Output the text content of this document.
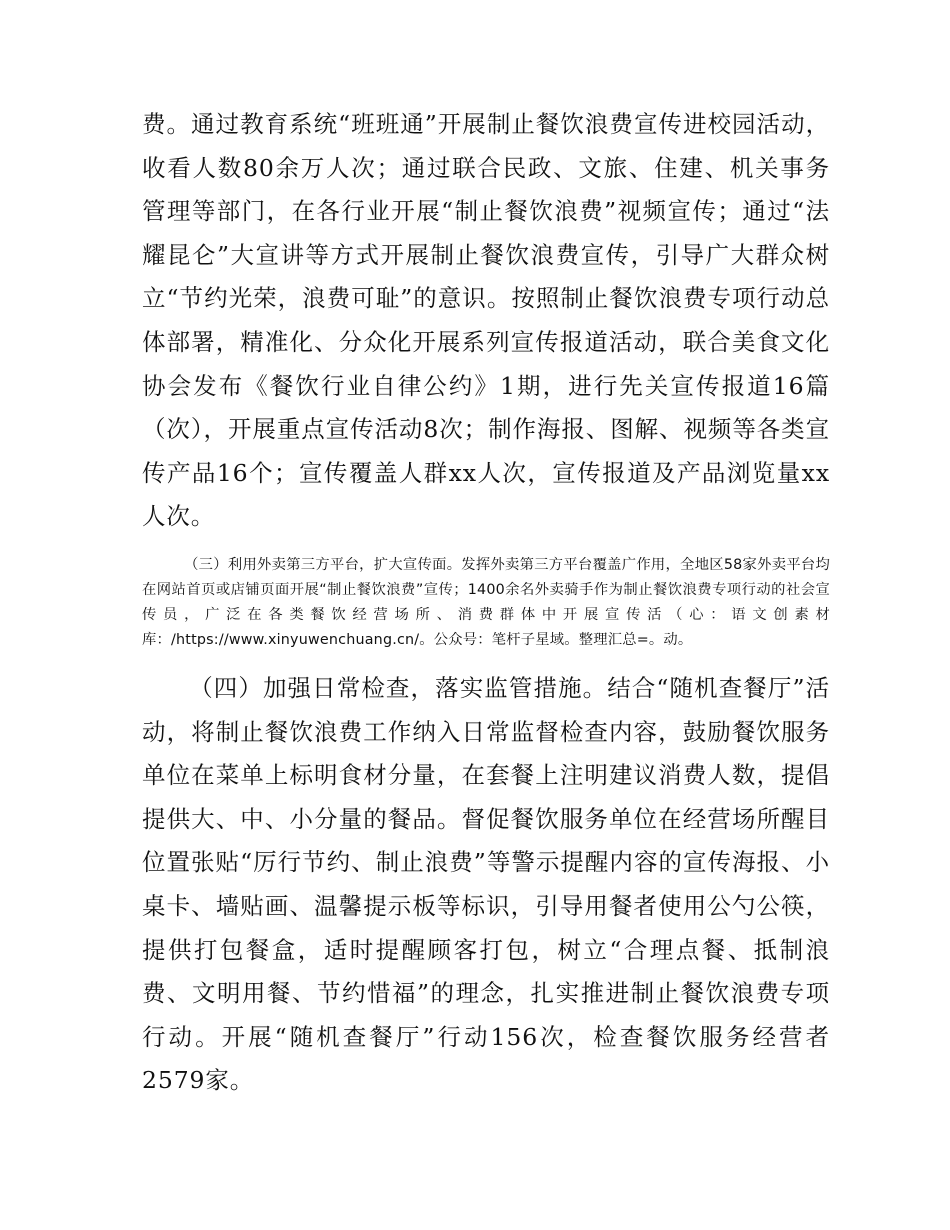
费。通过教育系统“班班通”开展制止餐饮浪费宣传进校园活动，收看人数80余万人次；通过联合民政、文旅、住建、机关事务管理等部门，在各行业开展“制止餐饮浪费”视频宣传；通过“法耀昆仑”大宣讲等方式开展制止餐饮浪费宣传，引导广大群众树立“节约光荣，浪费可耻”的意识。按照制止餐饮浪费专项行动总体部署，精准化、分众化开展系列宣传报道活动，联合美食文化协会发布《餐饮行业自律公约》1期，进行先关宣传报道16篇（次），开展重点宣传活动8次；制作海报、图解、视频等各类宣传产品16个；宣传覆盖人群xx人次，宣传报道及产品浏览量xx人次。

（三）利用外卖第三方平台，扩大宣传面。发挥外卖第三方平台覆盖广作用，全地区58家外卖平台均在网站首页或店铺页面开展“制止餐饮浪费”宣传；1400余名外卖骑手作为制止餐饮浪费专项行动的社会宣传员，广泛在各类餐饮经营场所、消费群体中开展宣传活（心：语文创素材库：/https://www.xinyuwenchuang.cn/。公众号：笔杆子星域。整理汇总=。动。

（四）加强日常检查，落实监管措施。结合“随机查餐厅”活动，将制止餐饮浪费工作纳入日常监督检查内容，鼓励餐饮服务单位在菜单上标明食材分量，在套餐上注明建议消费人数，提倡提供大、中、小分量的餐品。督促餐饮服务单位在经营场所醒目位置张贴“厉行节约、制止浪费”等警示提醒内容的宣传海报、小桌卡、墙贴画、温馨提示板等标识，引导用餐者使用公勺公筷，提供打包餐盒，适时提醒顾客打包，树立“合理点餐、抵制浪费、文明用餐、节约惜福”的理念，扎实推进制止餐饮浪费专项行动。开展“随机查餐厅”行动156次，检查餐饮服务经营者2579家。
